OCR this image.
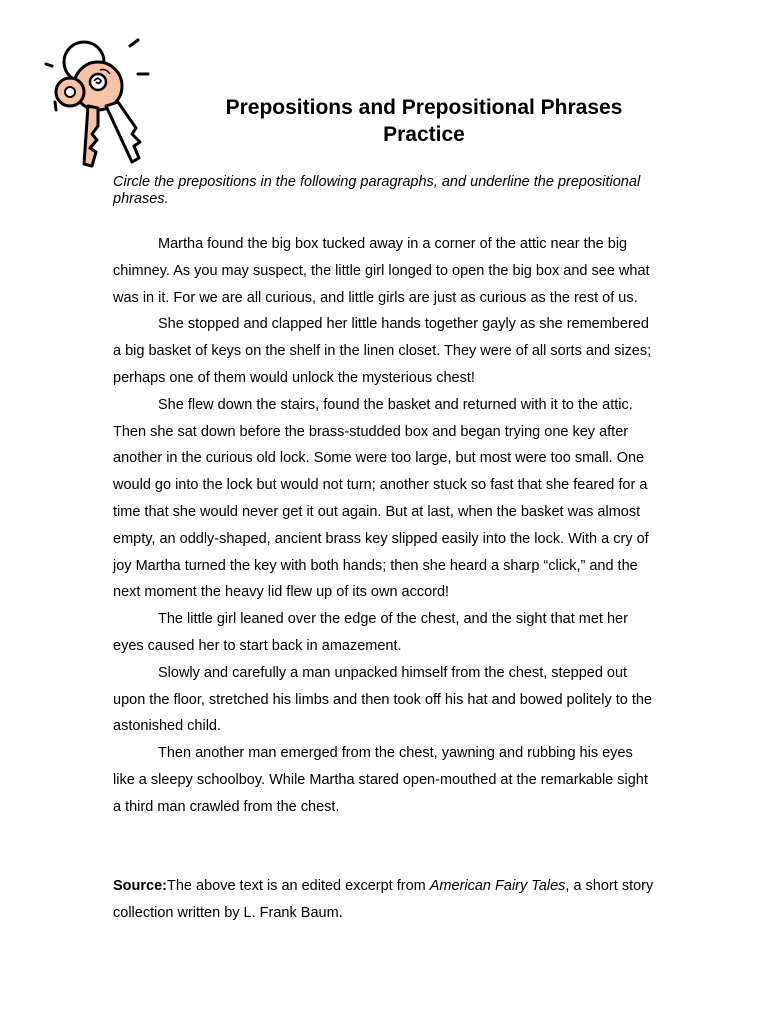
Prepositions and Prepositional Phrases Practice
Circle the prepositions in the following paragraphs, and underline the prepositional phrases.

Martha found the big box tucked away in a corner of the attic near the big chimney. As you may suspect, the little girl longed to open the big box and see what was in it. For we are all curious, and little girls are just as curious as the rest of us.

She stopped and clapped her little hands together gayly as she remembered a big basket of keys on the shelf in the linen closet. They were of all sorts and sizes; perhaps one of them would unlock the mysterious chest!

She flew down the stairs, found the basket and returned with it to the attic. Then she sat down before the brass-studded box and began trying one key after another in the curious old lock. Some were too large, but most were too small. One would go into the lock but would not turn; another stuck so fast that she feared for a time that she would never get it out again. But at last, when the basket was almost empty, an oddly-shaped, ancient brass key slipped easily into the lock. With a cry of joy Martha turned the key with both hands; then she heard a sharp “click,” and the next moment the heavy lid flew up of its own accord!

The little girl leaned over the edge of the chest, and the sight that met her eyes caused her to start back in amazement.

Slowly and carefully a man unpacked himself from the chest, stepped out upon the floor, stretched his limbs and then took off his hat and bowed politely to the astonished child.

Then another man emerged from the chest, yawning and rubbing his eyes like a sleepy schoolboy. While Martha stared open-mouthed at the remarkable sight a third man crawled from the chest.

Source:The above text is an edited excerpt from American Fairy Tales, a short story collection written by L. Frank Baum.
